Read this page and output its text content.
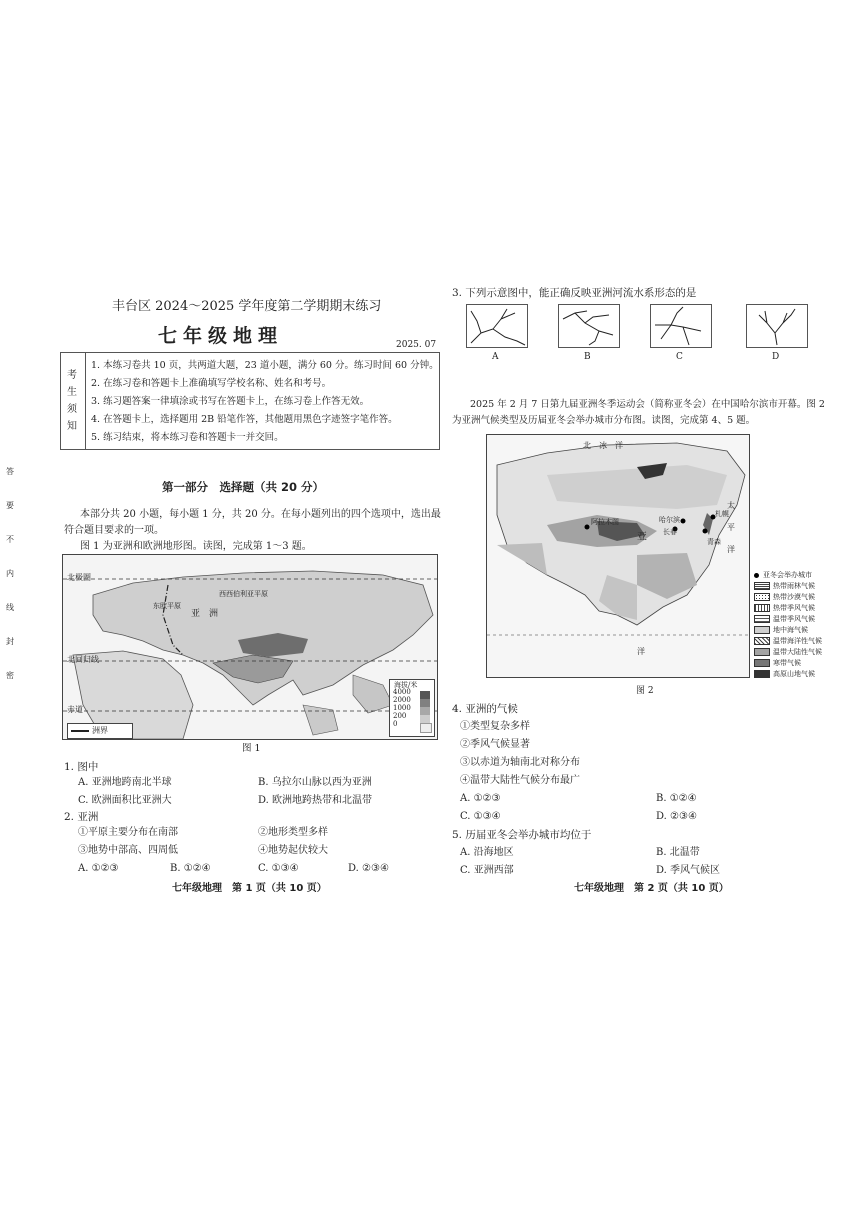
答
要
不
内
线
封
密
丰台区 2024～2025 学年度第二学期期末练习
七年级地理	2025. 07
考
生
须
知
1. 本练习卷共 10 页，共两道大题，23 道小题，满分 60 分。练习时间 60 分钟。
2. 在练习卷和答题卡上准确填写学校名称、姓名和考号。
3. 练习题答案一律填涂或书写在答题卡上，在练习卷上作答无效。
4. 在答题卡上，选择题用 2B 铅笔作答，其他题用黑色字迹签字笔作答。
5. 练习结束，将本练习卷和答题卡一并交回。
第一部分　选择题（共 20 分）
本部分共 20 小题，每小题 1 分，共 20 分。在每小题列出的四个选项中，选出最
符合题目要求的一项。
图 1 为亚洲和欧洲地形图。读图，完成第 1～3 题。
北极圈
北回归线
赤道
西西伯利亚平原
东欧平原
亚　洲
洲界
海拔/米
4000
2000
1000
200
0
图 1
1. 图中
A. 亚洲地跨南北半球	B. 乌拉尔山脉以西为亚洲
C. 欧洲面积比亚洲大	D. 欧洲地跨热带和北温带
2. 亚洲
①平原主要分布在南部	②地形类型多样
③地势中部高、四周低	④地势起伏较大
A. ①②③	B. ①②④	C. ①③④	D. ②③④
七年级地理　第 1 页（共 10 页）
3. 下列示意图中，能正确反映亚洲河流水系形态的是
A	B	C	D
2025 年 2 月 7 日第九届亚洲冬季运动会（简称亚冬会）在中国哈尔滨市开幕。图 2
为亚洲气候类型及历届亚冬会举办城市分布图。读图，完成第 4、5 题。
北　冰　洋
太　平　洋
哈尔滨
长春
札幌
青森
阿拉木图
亚
洋
亚冬会举办城市
热带雨林气候
热带沙漠气候
热带季风气候
温带季风气候
地中海气候
温带海洋性气候
温带大陆性气候
寒带气候
高原山地气候
图 2
4. 亚洲的气候
①类型复杂多样
②季风气候显著
③以赤道为轴南北对称分布
④温带大陆性气候分布最广
A. ①②③	B. ①②④
C. ①③④	D. ②③④
5. 历届亚冬会举办城市均位于
A. 沿海地区	B. 北温带
C. 亚洲西部	D. 季风气候区
七年级地理　第 2 页（共 10 页）
